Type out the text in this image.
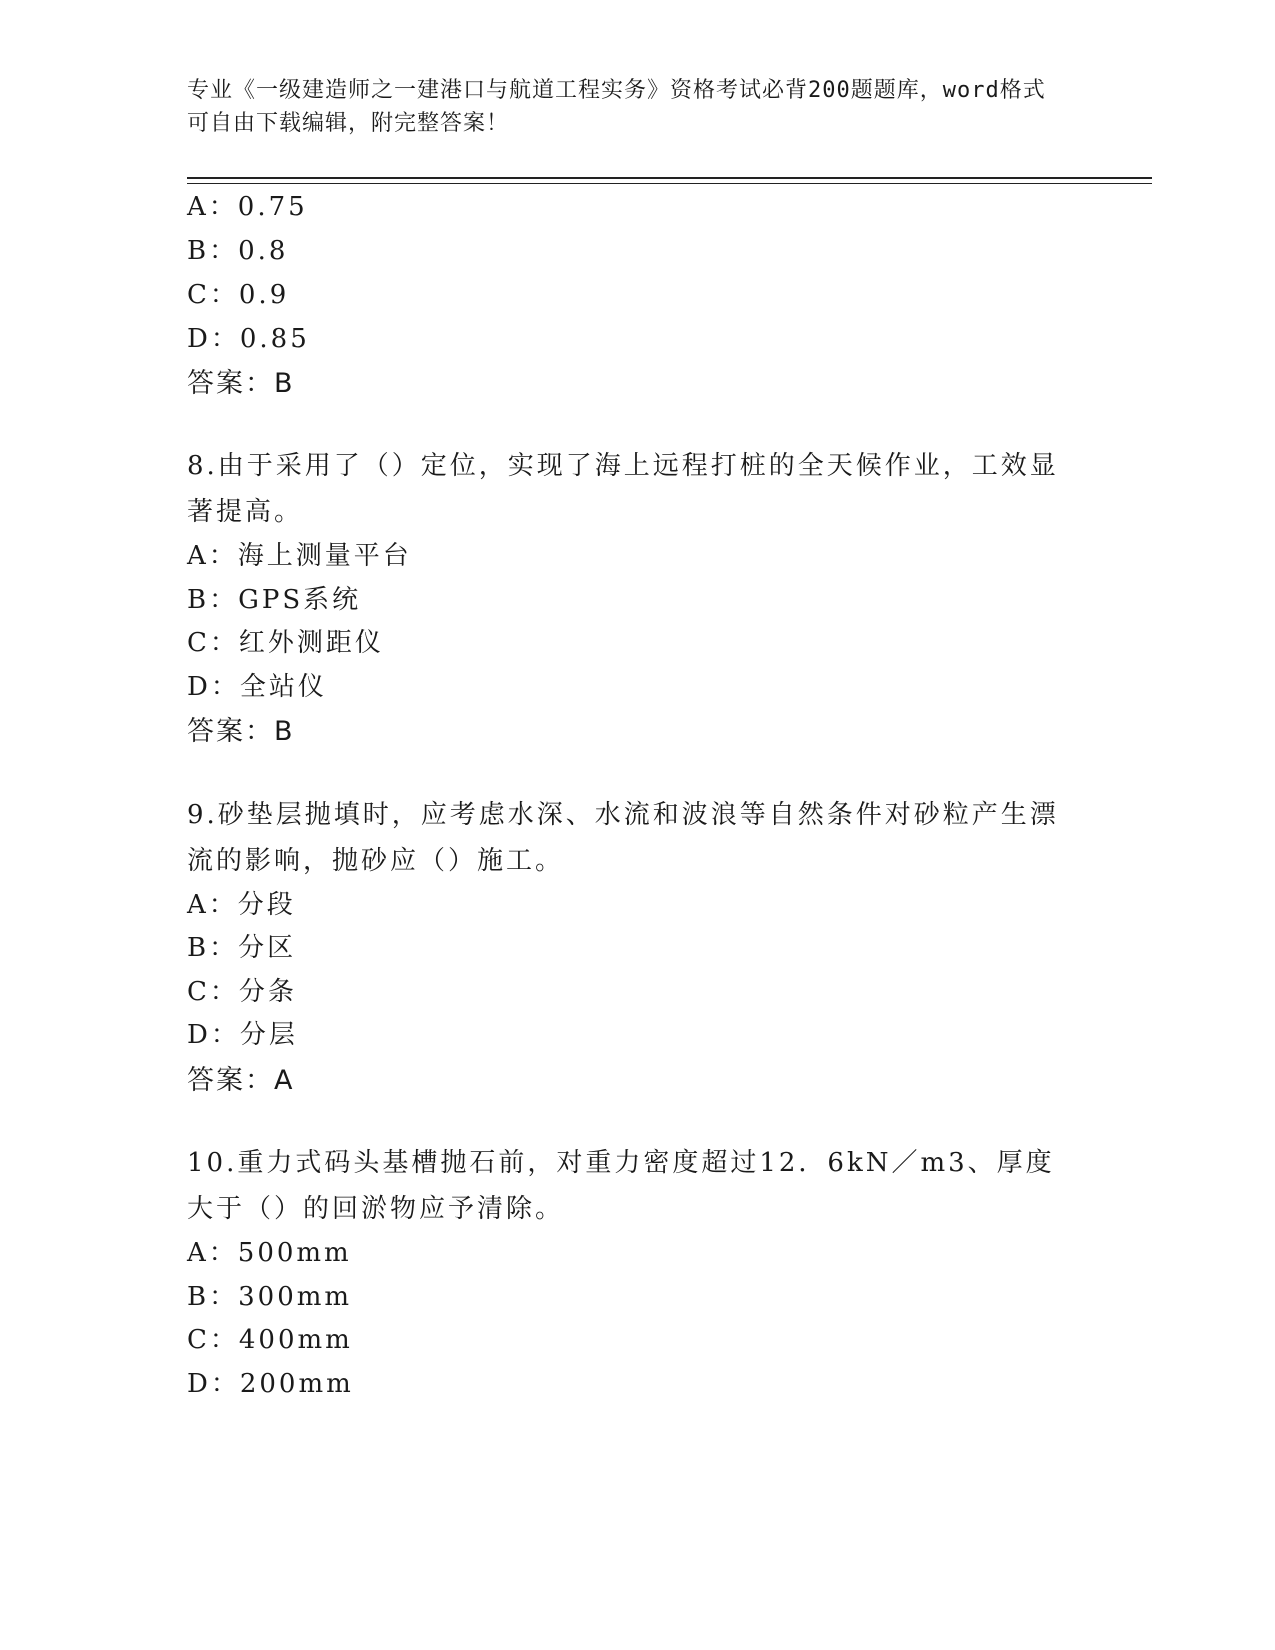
专业《一级建造师之一建港口与航道工程实务》资格考试必背200题题库，word格式可自由下载编辑，附完整答案！
A：0.75
B：0.8
C：0.9
D：0.85
答案：B
8.由于采用了（）定位，实现了海上远程打桩的全天候作业，工效显著提高。
A：海上测量平台
B：GPS系统
C：红外测距仪
D：全站仪
答案：B
9.砂垫层抛填时，应考虑水深、水流和波浪等自然条件对砂粒产生漂流的影响，抛砂应（）施工。
A：分段
B：分区
C：分条
D：分层
答案：A
10.重力式码头基槽抛石前，对重力密度超过12．6kN／m3、厚度大于（）的回淤物应予清除。
A：500mm
B：300mm
C：400mm
D：200mm
